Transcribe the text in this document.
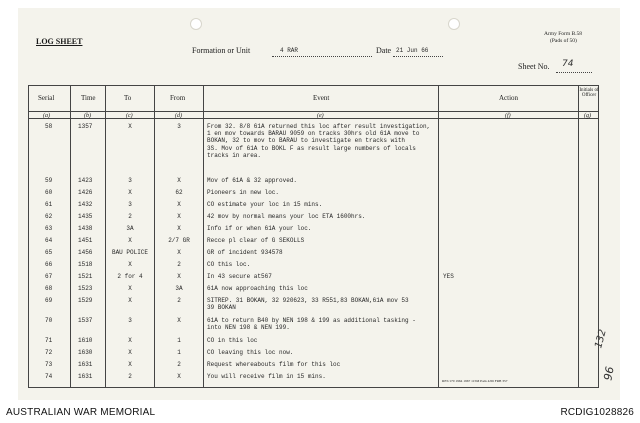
LOG SHEET
Formation or Unit	4 RAR	Date 21 Jun 66
Army Form B.58
(Pads of 50)
Sheet No. 74
Serial	Time	To	From	Event	Action
Initials of Officer
(a)	(b)	(c)	(d)	(e)	(f)	(g)
RE5/170 1964 1967 115M Pads 4/66 FRB 357
132
96
58	1357	X	3	From 32. 8/8 61A returned this loc after result investigation,
1 en mov towards BARAU 9059 on tracks 30hrs old 61A move to
BOKAN, 32 to mov to BARAU to investigate en tracks with
3S. Mov of 61A to BOKL F as result large numbers of locals
tracks in area.
59	1423	3	X	Mov of 61A & 32 approved.
60	1426	X	62	Pioneers in new loc.
61	1432	3	X	CO estimate your loc in 15 mins.
62	1435	2	X	42 mov by normal means your loc ETA 1600hrs.
63	1438	3A	X	Info if or when 61A your loc.
64	1451	X	2/7 GR	Recce pl clear of G SEKOLLS
65	1456	BAU POLICE	X	GR of incident 934578
66	1518	X	2	CO this loc.
67	1521	2 for 4	X	In 43 secure at567	YES
68	1523	X	3A	61A now approaching this loc
69	1529	X	2	SITREP. 31 BOKAN, 32 920623, 33 R551,83 BOKAN,61A mov 53
39 BOKAN
70	1537	3	X	61A to return B40 by NEN 198 & 199 as additional tasking -
into NEN 198 & NEN 199.
71	1610	X	1	CO in this loc
72	1630	X	1	CO leaving this loc now.
73	1631	X	2	Request whereabouts film for this loc
74	1631	2	X	You will receive film in 15 mins.
AUSTRALIAN WAR MEMORIAL	RCDIG1028826
